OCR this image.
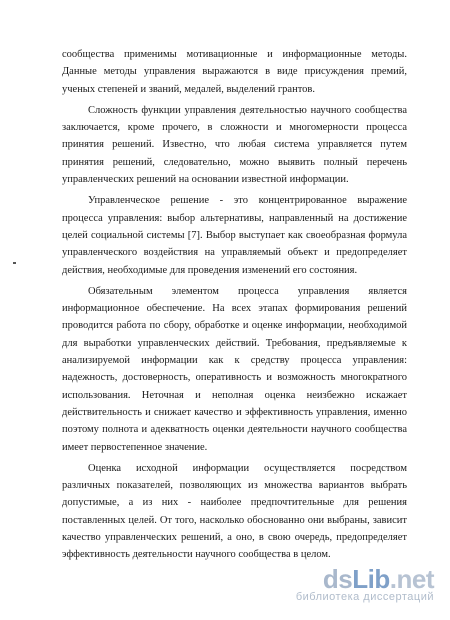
сообщества применимы мотивационные и информационные методы. Данные методы управления выражаются в виде присуждения премий, ученых степеней и званий, медалей, выделений грантов.

Сложность функции управления деятельностью научного сообщества заключается, кроме прочего, в сложности и многомерности процесса принятия решений. Известно, что любая система управляется путем принятия решений, следовательно, можно выявить полный перечень управленческих решений на основании известной информации.

Управленческое решение - это концентрированное выражение процесса управления: выбор альтернативы, направленный на достижение целей социальной системы [7]. Выбор выступает как своеобразная формула управленческого воздействия на управляемый объект и предопределяет действия, необходимые для проведения изменений его состояния.

Обязательным элементом процесса управления является информационное обеспечение. На всех этапах формирования решений проводится работа по сбору, обработке и оценке информации, необходимой для выработки управленческих действий. Требования, предъявляемые к анализируемой информации как к средству процесса управления: надежность, достоверность, оперативность и возможность многократного использования. Неточная и неполная оценка неизбежно искажает действительность и снижает качество и эффективность управления, именно поэтому полнота и адекватность оценки деятельности научного сообщества имеет первостепенное значение.

Оценка исходной информации осуществляется посредством различных показателей, позволяющих из множества вариантов выбрать допустимые, а из них - наиболее предпочтительные для решения поставленных целей. От того, насколько обоснованно они выбраны, зависит качество управленческих решений, а оно, в свою очередь, предопределяет эффективность деятельности научного сообщества в целом.

dsLib.net
библиотека диссертаций
